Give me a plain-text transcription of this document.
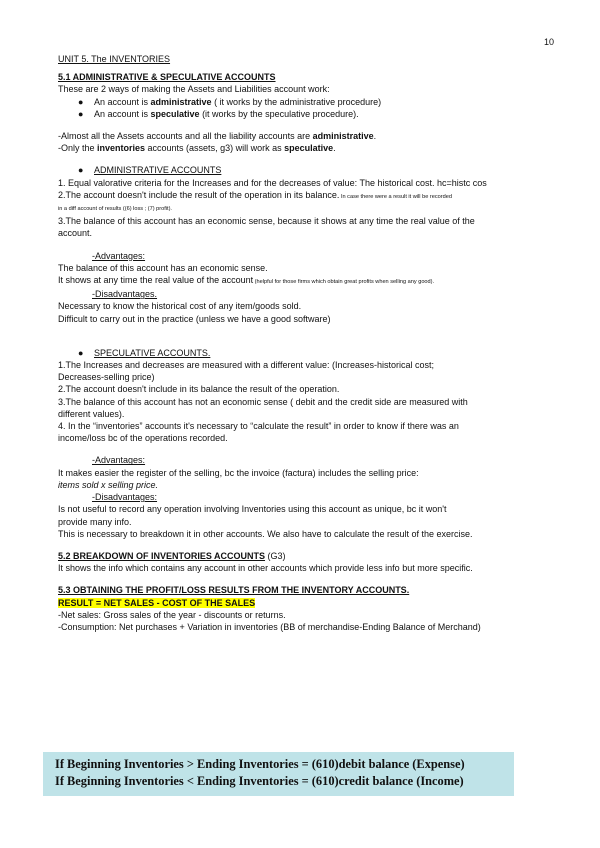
10
UNIT 5. The INVENTORIES
5.1 ADMINISTRATIVE & SPECULATIVE ACCOUNTS
These are 2 ways of making the Assets and Liabilities account work:
● An account is administrative ( it works by the administrative procedure)
● An account is speculative (it works by the speculative procedure).
-Almost all the Assets accounts and all the liability accounts are administrative.
-Only the inventories accounts (assets, g3) will work as speculative.
● ADMINISTRATIVE ACCOUNTS
1. Equal valorative criteria for the Increases and for the decreases of value: The historical cost. hc=histc cos
2.The account doesn't include the result of the operation in its balance. In case there were a result it will be recorded
in a diff account of results ((6) loss ; (7) profit).
3.The balance of this account has an economic sense, because it shows at any time the real value of the
account.
-Advantages:
The balance of this account has an economic sense.
It shows at any time the real value of the account (helpful for those firms which obtain great profits when selling any good).
-Disadvantages.
Necessary to know the historical cost of any item/goods sold.
Difficult to carry out in the practice (unless we have a good software)
● SPECULATIVE ACCOUNTS.
1.The Increases and decreases are measured with a different value: (Increases-historical cost;
Decreases-selling price)
2.The account doesn't include in its balance the result of the operation.
3.The balance of this account has not an economic sense ( debit and the credit side are measured with
different values).
4. In the “inventories” accounts it's necessary to “calculate the result” in order to know if there was an
income/loss bc of the operations recorded.
-Advantages:
It makes easier the register of the selling, bc the invoice (factura) includes the selling price:
items sold x selling price.
-Disadvantages:
Is not useful to record any operation involving Inventories using this account as unique, bc it won't
provide many info.
This is necessary to breakdown it in other accounts. We also have to calculate the result of the exercise.
5.2 BREAKDOWN OF INVENTORIES ACCOUNTS (G3)
It shows the info which contains any account in other accounts which provide less info but more specific.
5.3 OBTAINING THE PROFIT/LOSS RESULTS FROM THE INVENTORY ACCOUNTS.
RESULT = NET SALES - COST OF THE SALES
-Net sales: Gross sales of the year - discounts or returns.
-Consumption: Net purchases + Variation in inventories (BB of merchandise-Ending Balance of Merchand)
If Beginning Inventories > Ending Inventories = (610)debit balance (Expense)
If Beginning Inventories < Ending Inventories = (610)credit balance (Income)
